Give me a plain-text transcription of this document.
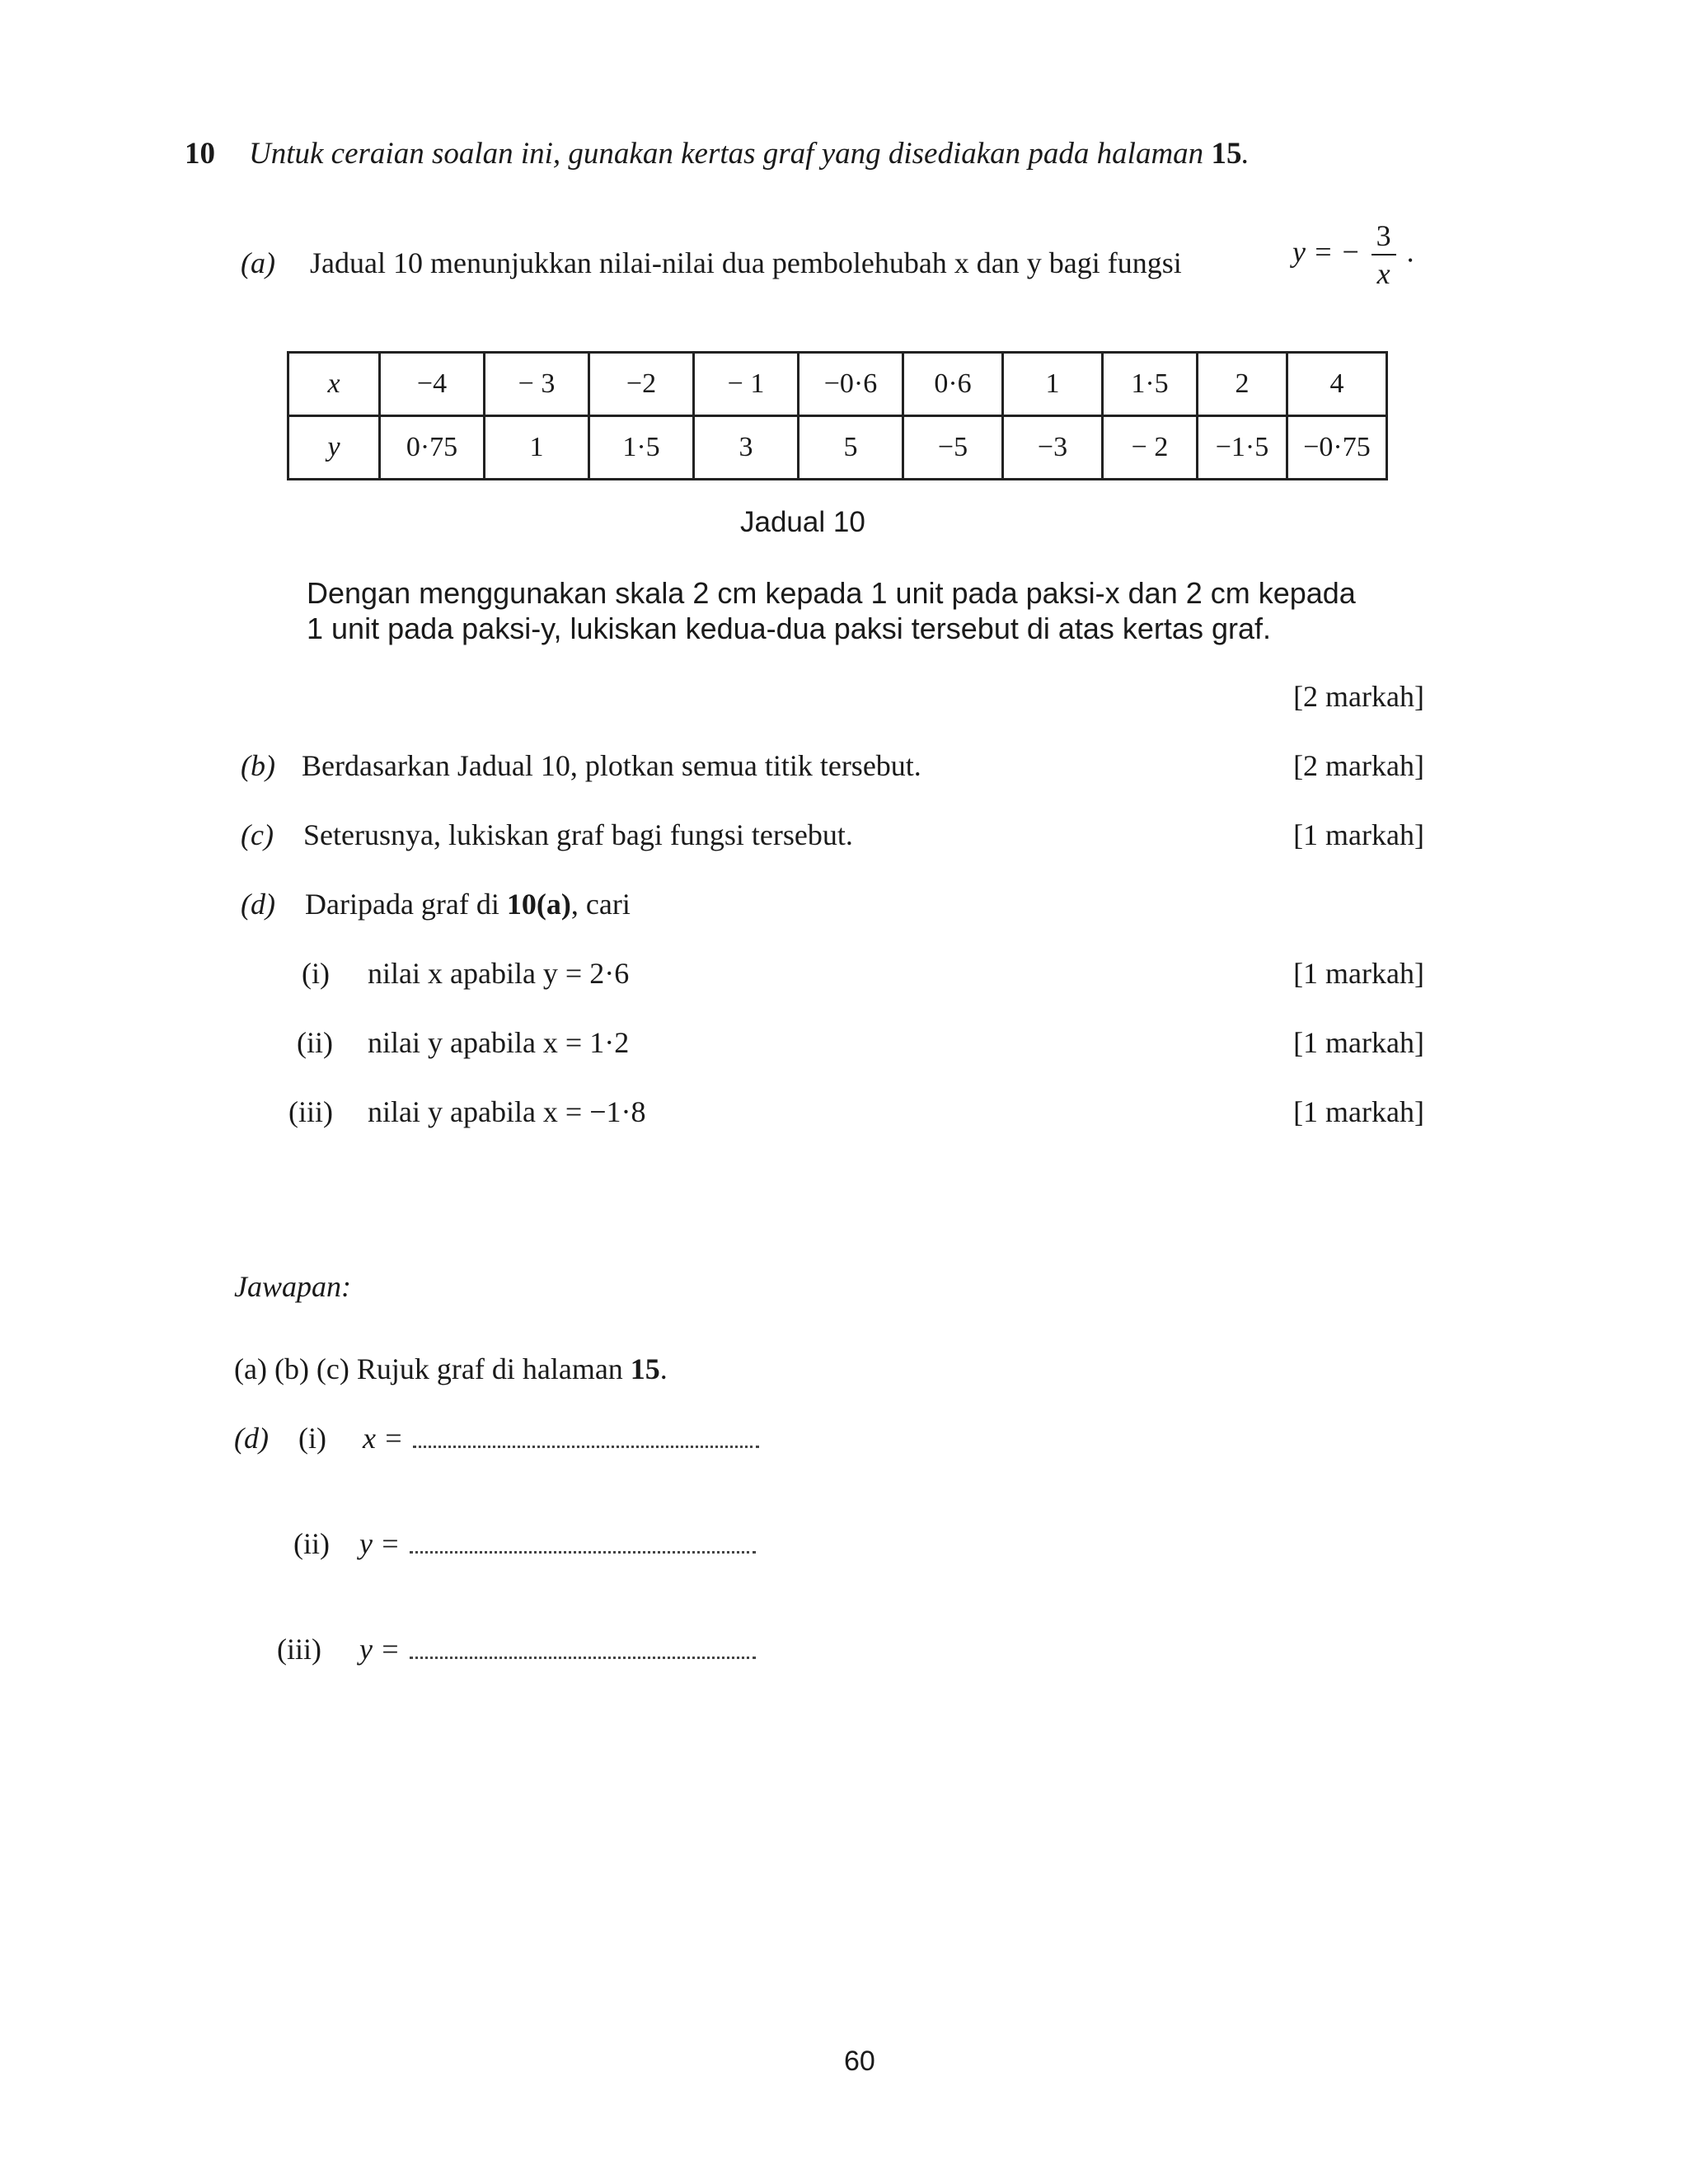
10 Untuk ceraian soalan ini, gunakan kertas graf yang disediakan pada halaman 15.
(a) Jadual 10 menunjukkan nilai-nilai dua pembolehubah x dan y bagi fungsi	y = − $\frac{3}{x}$ .
x	−4	− 3	−2	− 1	−0·6	0·6	1	1·5	2	4
y	0·75	1	1·5	3	5	−5	−3	− 2	−1·5	−0·75
Jadual 10
Dengan menggunakan skala 2 cm kepada 1 unit pada paksi-x dan 2 cm kepada
1 unit pada paksi-y, lukiskan kedua-dua paksi tersebut di atas kertas graf.
[2 markah]
(b) Berdasarkan Jadual 10, plotkan semua titik tersebut.	[2 markah]
(c) Seterusnya, lukiskan graf bagi fungsi tersebut.	[1 markah]
(d) Daripada graf di 10(a), cari
(i) nilai x apabila y = 2·6	[1 markah]
(ii) nilai y apabila x = 1·2	[1 markah]
(iii) nilai y apabila x = −1·8	[1 markah]
Jawapan:
(a) (b) (c) Rujuk graf di halaman 15.
(d) (i) x =
(ii) y =
(iii) y =
60
